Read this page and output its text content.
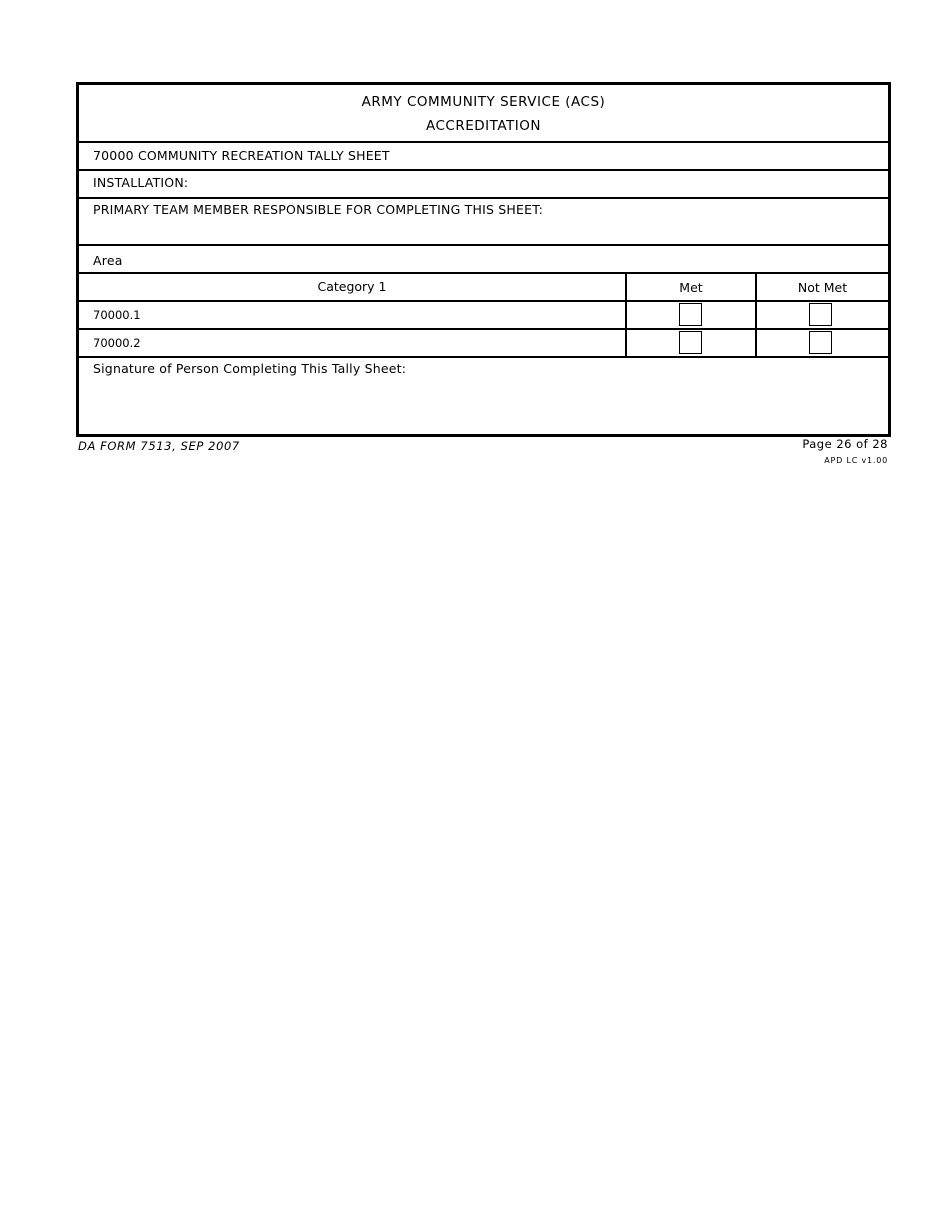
ARMY COMMUNITY SERVICE (ACS)
ACCREDITATION
70000 COMMUNITY RECREATION TALLY SHEET
INSTALLATION:
PRIMARY TEAM MEMBER RESPONSIBLE FOR COMPLETING THIS SHEET:
Area
Category 1	Met	Not Met
70000.1
70000.2
Signature of Person Completing This Tally Sheet:
DA FORM 7513, SEP 2007	Page 26 of 28
APD LC v1.00
